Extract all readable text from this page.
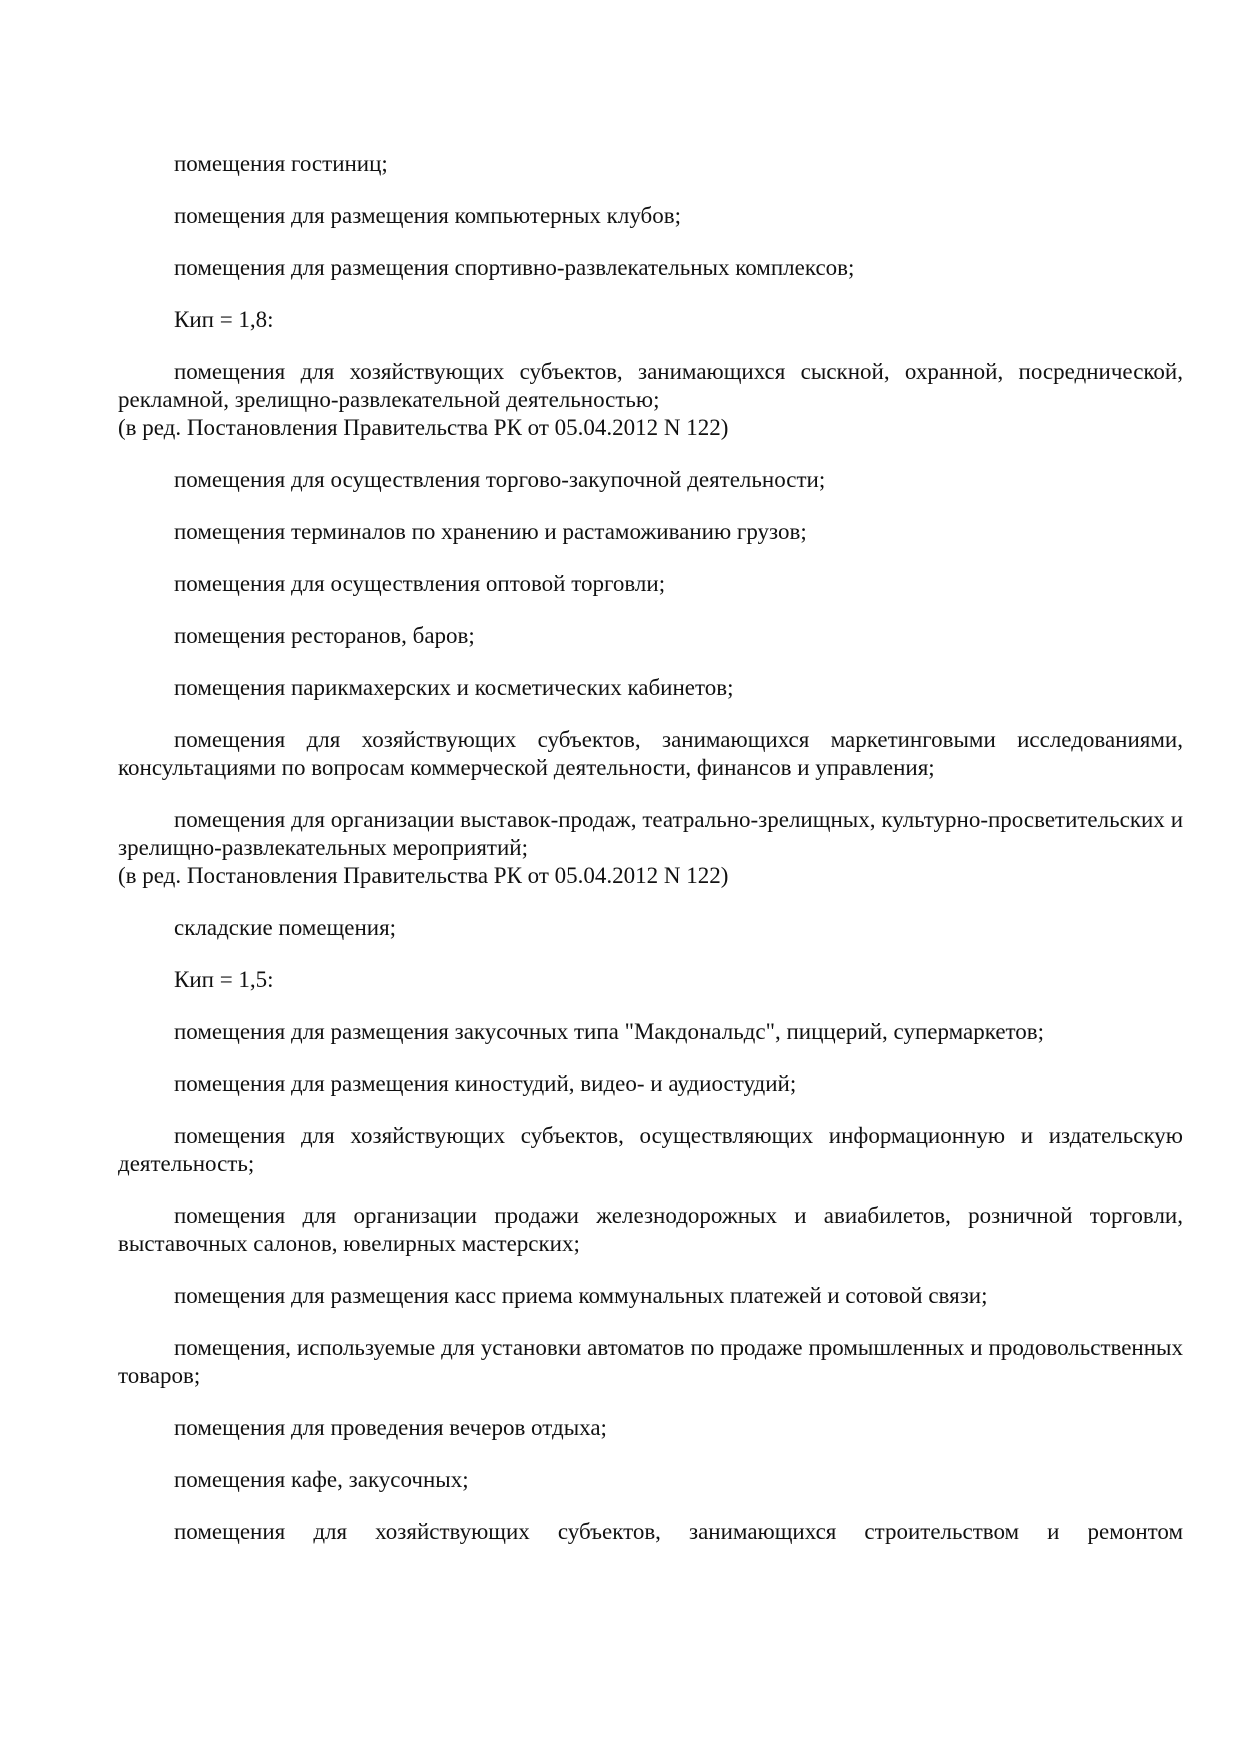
помещения гостиниц;

помещения для размещения компьютерных клубов;

помещения для размещения спортивно-развлекательных комплексов;

Кип = 1,8:

помещения для хозяйствующих субъектов, занимающихся сыскной, охранной, посреднической, рекламной, зрелищно-развлекательной деятельностью;
(в ред. Постановления Правительства РК от 05.04.2012 N 122)

помещения для осуществления торгово-закупочной деятельности;

помещения терминалов по хранению и растаможиванию грузов;

помещения для осуществления оптовой торговли;

помещения ресторанов, баров;

помещения парикмахерских и косметических кабинетов;

помещения для хозяйствующих субъектов, занимающихся маркетинговыми исследованиями, консультациями по вопросам коммерческой деятельности, финансов и управления;

помещения для организации выставок-продаж, театрально-зрелищных, культурно-просветительских и зрелищно-развлекательных мероприятий;
(в ред. Постановления Правительства РК от 05.04.2012 N 122)

складские помещения;

Кип = 1,5:

помещения для размещения закусочных типа "Макдональдс", пиццерий, супермаркетов;

помещения для размещения киностудий, видео- и аудиостудий;

помещения для хозяйствующих субъектов, осуществляющих информационную и издательскую деятельность;

помещения для организации продажи железнодорожных и авиабилетов, розничной торговли, выставочных салонов, ювелирных мастерских;

помещения для размещения касс приема коммунальных платежей и сотовой связи;

помещения, используемые для установки автоматов по продаже промышленных и продовольственных товаров;

помещения для проведения вечеров отдыха;

помещения кафе, закусочных;

помещения для хозяйствующих субъектов, занимающихся строительством и ремонтом
